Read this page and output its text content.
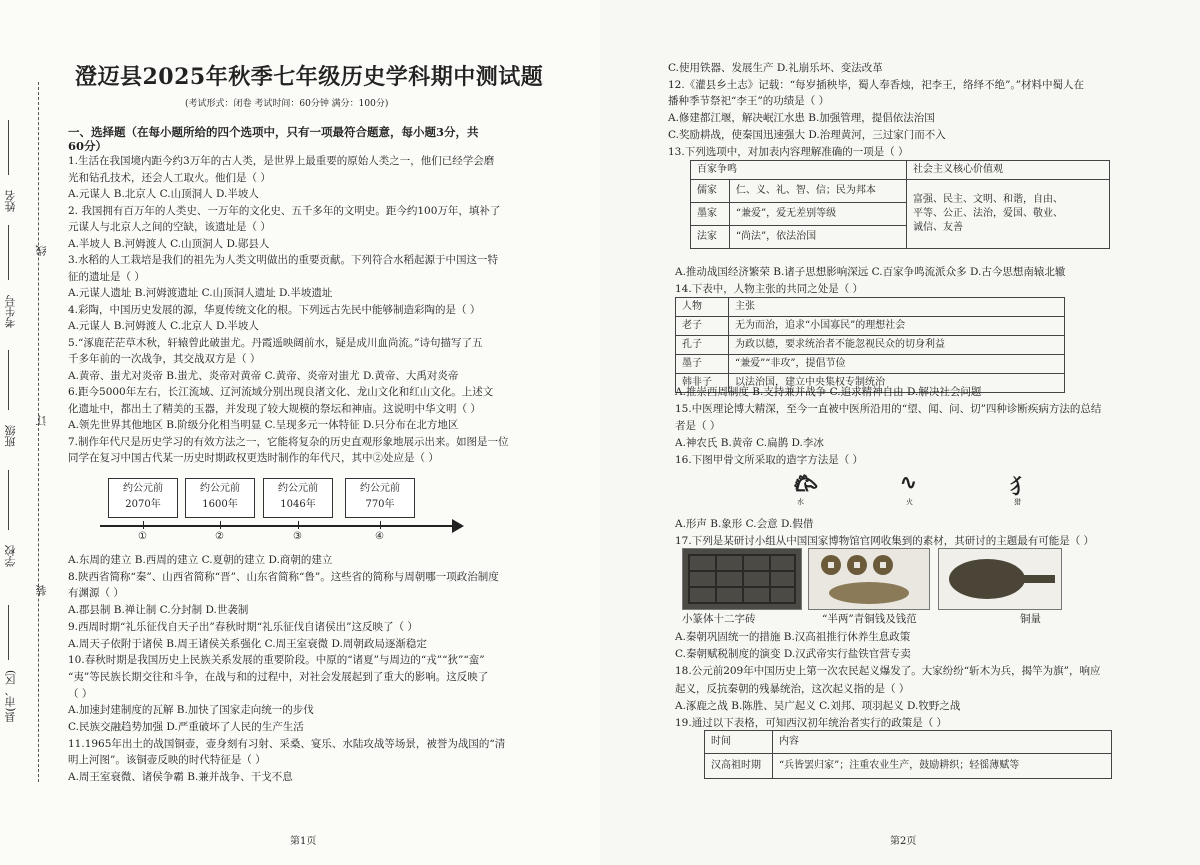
姓名
线
考生号
班级
订
学校
装
县(市、区)
澄迈县2025年秋季七年级历史学科期中测试题
(考试形式：闭卷 考试时间：60分钟 满分：100分)
一、选择题（在每小题所给的四个选项中，只有一项最符合题意，每小题3分，共
60分）
1.生活在我国境内距今约3万年的古人类，是世界上最重要的原始人类之一，他们已经学会磨
光和钻孔技术，还会人工取火。他们是（ ）
A.元谋人 B.北京人 C.山顶洞人 D.半坡人
2. 我国拥有百万年的人类史、一万年的文化史、五千多年的文明史。距今约100万年，填补了
元谋人与北京人之间的空缺，该遗址是（ ）
A.半坡人 B.河姆渡人 C.山顶洞人 D.郧县人
3.水稻的人工栽培是我们的祖先为人类文明做出的重要贡献。下列符合水稻起源于中国这一特
征的遗址是（ ）
A.元谋人遗址 B.河姆渡遗址 C.山顶洞人遗址 D.半坡遗址
4.彩陶，中国历史发展的源，华夏传统文化的根。下列远古先民中能够制造彩陶的是（ ）
A.元谋人 B.河姆渡人 C.北京人 D.半坡人
5.“涿鹿茫茫草木秋，轩辕曾此破蚩尤。丹霞遥映阔前水，疑是成川血尚流。”诗句描写了五
千多年前的一次战争，其交战双方是（ ）
A.黄帝、蚩尤对炎帝 B.蚩尤、炎帝对黄帝 C.黄帝、炎帝对蚩尤 D.黄帝、大禹对炎帝
6.距今5000年左右，长江流域、辽河流域分别出现良渚文化、龙山文化和红山文化。上述文
化遗址中，都出土了精美的玉器，并发现了较大规模的祭坛和神庙。这说明中华文明（ ）
A.领先世界其他地区 B.阶级分化相当明显 C.呈现多元一体特征 D.只分布在北方地区
7.制作年代尺是历史学习的有效方法之一，它能将复杂的历史直观形象地展示出来。如图是一位
同学在复习中国古代某一历史时期政权更迭时制作的年代尺，其中②处应是（ ）
约公元前
2070年
①
约公元前
1600年
②
约公元前
1046年
③
约公元前
770年
④
A.东周的建立 B.西周的建立 C.夏朝的建立 D.商朝的建立
8.陕西省简称“秦”、山西省简称“晋”、山东省简称“鲁”。这些省的简称与周朝哪一项政治制度
有渊源（ ）
A.郡县制 B.禅让制 C.分封制 D.世袭制
9.西周时期“礼乐征伐自天子出”春秋时期“礼乐征伐自诸侯出”这反映了（ ）
A.周天子依附于诸侯 B.周王诸侯关系强化 C.周王室衰微 D.周朝政局逐渐稳定
10.春秋时期是我国历史上民族关系发展的重要阶段。中原的“诸夏”与周边的“戎”“狄”“蛮”
“夷”等民族长期交往和斗争，在战与和的过程中，对社会发展起到了重大的影响。这反映了
（ ）
A.加速封建制度的瓦解 B.加快了国家走向统一的步伐
C.民族交融趋势加强 D.严重破坏了人民的生产生活
11.1965年出土的战国铜壶，壶身刻有习射、采桑、宴乐、水陆攻战等场景，被誉为战国的“清
明上河图”。该铜壶反映的时代特征是（ ）
A.周王室衰微、诸侯争霸 B.兼并战争、干戈不息
第1页
C.使用铁器、发展生产 D.礼崩乐坏、变法改革
12.《灌县乡土志》记载：“每岁插秧毕，蜀人奉香烛，祀李王，络绎不绝”。”材料中蜀人在
播种季节祭祀“李王”的功绩是（ ）
A.修建都江堰，解决岷江水患 B.加强管理，提倡依法治国
C.奖励耕战，使秦国迅速强大 D.治理黄河，三过家门而不入
13.下列选项中，对加表内容理解准确的一项是（ ）
百家争鸣		社会主义核心价值观
儒家	仁、义、礼、智、信；民为邦本	富强、民主、文明、和谐，自由、
平等、公正、法治，爱国、敬业、
诚信、友善

墨家	“兼爱”，爱无差别等级	
法家	“尚法”，依法治国	
A.推动战国经济繁荣 B.诸子思想影响深远 C.百家争鸣流派众多 D.古今思想南辕北辙
14.下表中，人物主张的共同之处是（ ）
人物	主张
老子	无为而治，追求“小国寡民”的理想社会
孔子	为政以德，要求统治者不能忽视民众的切身利益
墨子	“兼爱”“非攻”，提倡节俭
韩非子	以法治国，建立中央集权专制统治
A.推崇西周制度 B.支持兼并战争 C.追求精神自由 D.解决社会问题
15.中医理论博大精深，至今一直被中医所沿用的“望、闻、问、切”四种诊断疾病方法的总结
者是（ ）
A.神农氏 B.黄帝 C.扁鹊 D.李冰
16.下图甲骨文所采取的造字方法是（ ）
𐂃
水
∿
火
犭
猎
A.形声 B.象形 C.会意 D.假借
17.下列是某研讨小组从中国国家博物馆官网收集到的素材，其研讨的主题最有可能是（ ）
小篆体十二字砖	“半两”青铜钱及钱范	铜量
A.秦朝巩固统一的措施 B.汉高祖推行休养生息政策
C.秦朝赋税制度的演变 D.汉武帝实行盐铁官营专卖
18.公元前209年中国历史上第一次农民起义爆发了。大家纷纷“斩木为兵，揭竿为旗”，响应
起义，反抗秦朝的残暴统治，这次起义指的是（ ）
A.涿鹿之战 B.陈胜、吴广起义 C.刘邦、项羽起义 D.牧野之战
19.通过以下表格，可知西汉初年统治者实行的政策是（ ）
时间	内容
汉高祖时期	“兵皆罢归家”；注重农业生产，鼓励耕织；轻徭薄赋等
第2页
